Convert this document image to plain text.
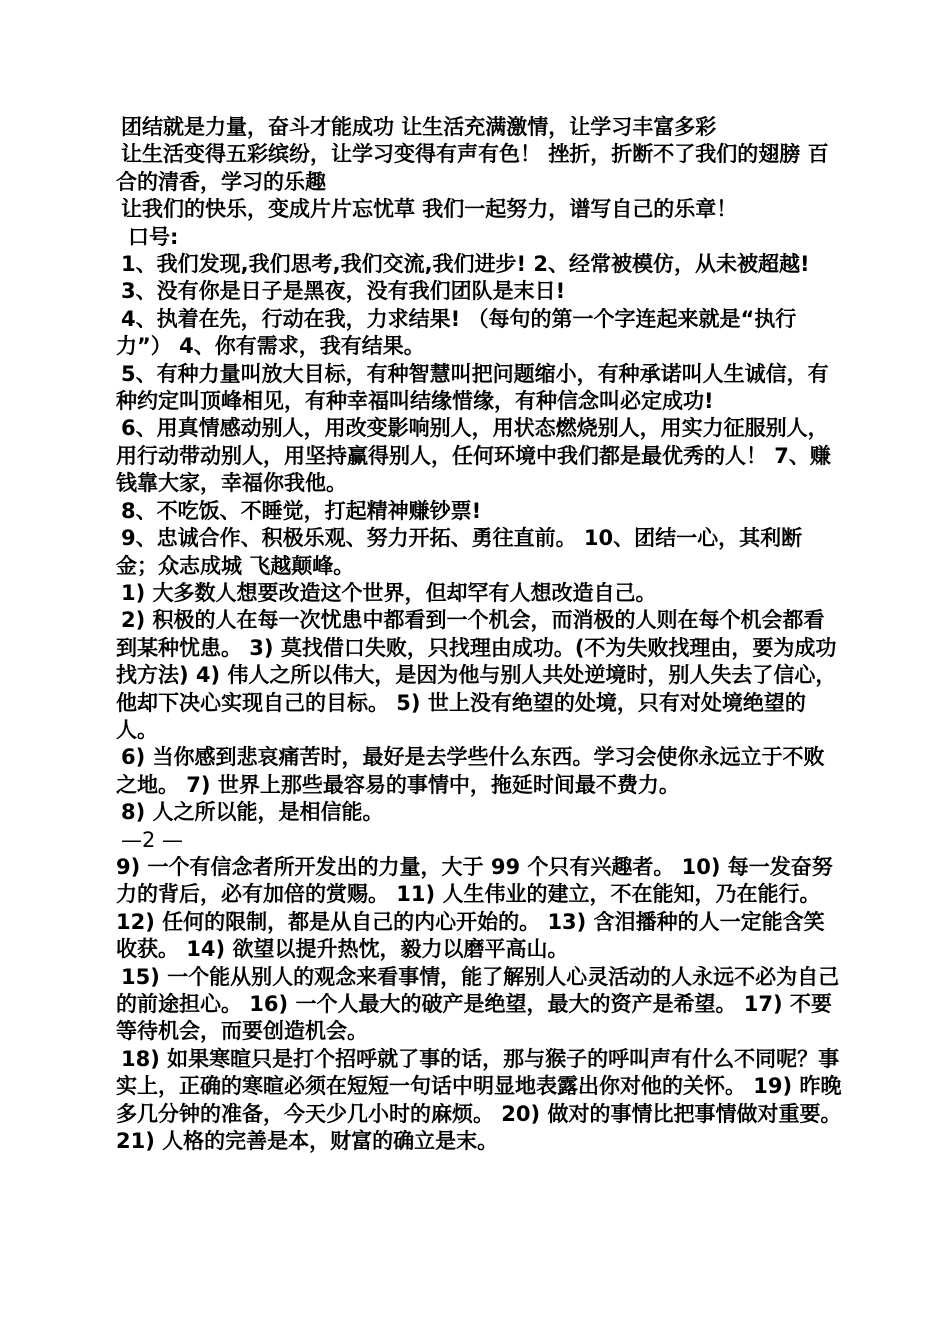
团结就是力量，奋斗才能成功 让生活充满激情，让学习丰富多彩

让生活变得五彩缤纷，让学习变得有声有色！ 挫折，折断不了我们的翅膀 百合的清香，学习的乐趣

让我们的快乐，变成片片忘忧草 我们一起努力，谱写自己的乐章！

口号:

1、我们发现,我们思考,我们交流,我们进步! 2、经常被模仿，从未被超越!

3、没有你是日子是黑夜，没有我们团队是末日!

4、执着在先，行动在我，力求结果! （每句的第一个字连起来就是“执行力”） 4、你有需求，我有结果。

5、有种力量叫放大目标，有种智慧叫把问题缩小，有种承诺叫人生诚信，有种约定叫顶峰相见，有种幸福叫结缘惜缘，有种信念叫必定成功!

6、用真情感动别人，用改变影响别人，用状态燃烧别人，用实力征服别人，用行动带动别人，用坚持赢得别人，任何环境中我们都是最优秀的人！ 7、赚钱靠大家，幸福你我他。

8、不吃饭、不睡觉，打起精神赚钞票!

9、忠诚合作、积极乐观、努力开拓、勇往直前。 10、团结一心，其利断金；众志成城 飞越颠峰。

1) 大多数人想要改造这个世界，但却罕有人想改造自己。

2) 积极的人在每一次忧患中都看到一个机会，而消极的人则在每个机会都看到某种忧患。 3) 莫找借口失败，只找理由成功。(不为失败找理由，要为成功找方法) 4) 伟人之所以伟大，是因为他与别人共处逆境时，别人失去了信心，他却下决心实现自己的目标。 5) 世上没有绝望的处境，只有对处境绝望的人。

6) 当你感到悲哀痛苦时，最好是去学些什么东西。学习会使你永远立于不败之地。 7) 世界上那些最容易的事情中，拖延时间最不费力。

8) 人之所以能，是相信能。

—2 —

9) 一个有信念者所开发出的力量，大于 99 个只有兴趣者。 10) 每一发奋努力的背后，必有加倍的赏赐。 11) 人生伟业的建立，不在能知，乃在能行。 12) 任何的限制，都是从自己的内心开始的。 13) 含泪播种的人一定能含笑收获。 14) 欲望以提升热忱，毅力以磨平高山。

15) 一个能从别人的观念来看事情，能了解别人心灵活动的人永远不必为自己的前途担心。 16) 一个人最大的破产是绝望，最大的资产是希望。 17) 不要等待机会，而要创造机会。

18) 如果寒暄只是打个招呼就了事的话，那与猴子的呼叫声有什么不同呢？事实上，正确的寒暄必须在短短一句话中明显地表露出你对他的关怀。 19) 昨晚多几分钟的准备，今天少几小时的麻烦。 20) 做对的事情比把事情做对重要。 21) 人格的完善是本，财富的确立是末。
